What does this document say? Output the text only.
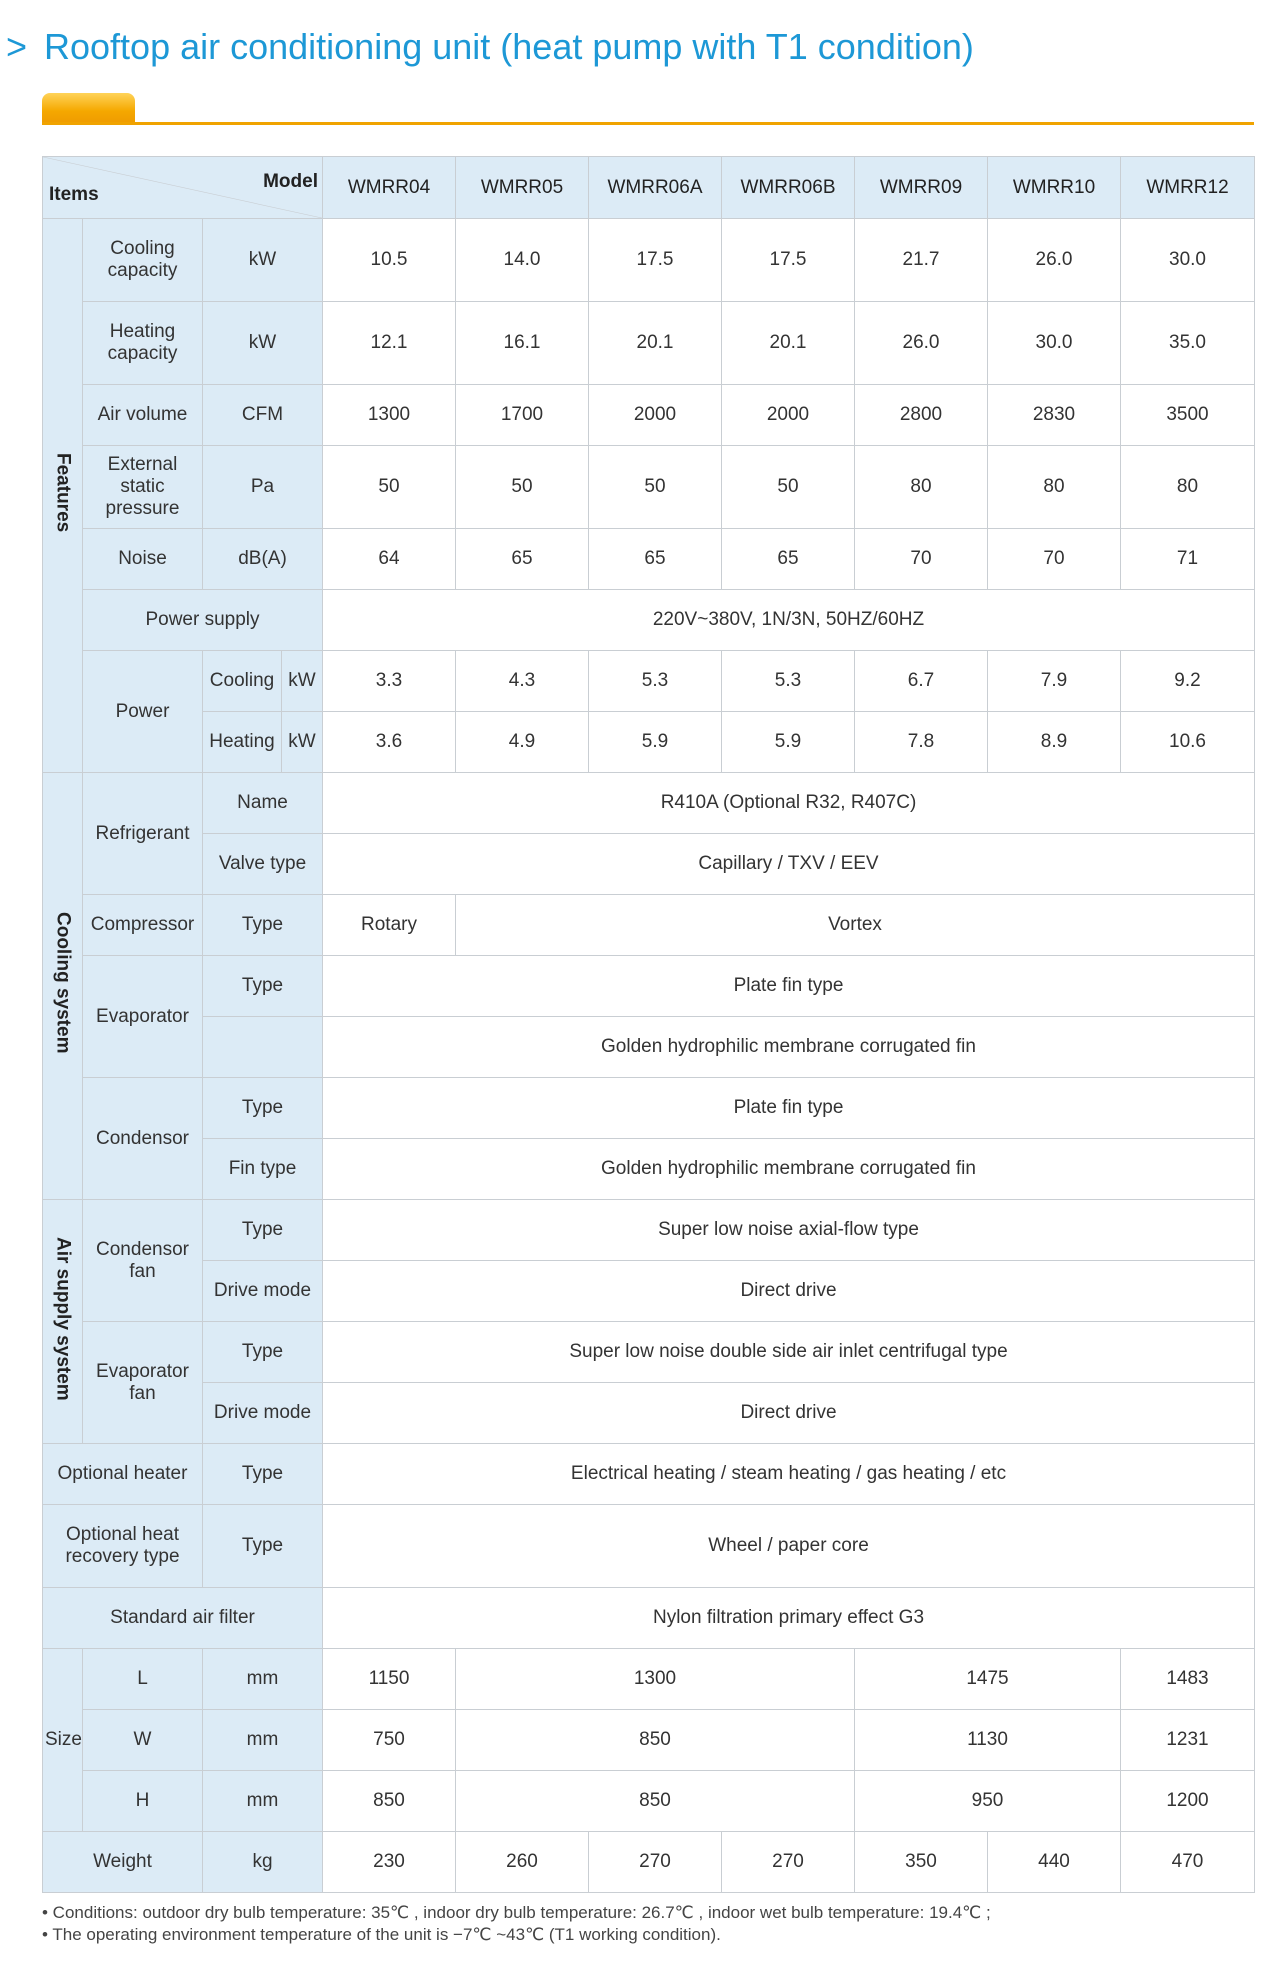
> Rooftop air conditioning unit (heat pump with T1 condition)
Items
Model				WMRR04	WMRR05	WMRR06A	WMRR06B	WMRR09	WMRR10	WMRR12
Features	Cooling capacity	kW		10.5	14.0	17.5	17.5	21.7	26.0	30.0
	Heating capacity	kW		12.1	16.1	20.1	20.1	26.0	30.0	35.0
	Air volume	CFM		1300	1700	2000	2000	2800	2830	3500
	External static pressure	Pa		50	50	50	50	80	80	80
	Noise	dB(A)		64	65	65	65	70	70	71
	Power supply			220V~380V, 1N/3N, 50HZ/60HZ						
	Power	Cooling	kW	3.3	4.3	5.3	5.3	6.7	7.9	9.2
		Heating	kW	3.6	4.9	5.9	5.9	7.8	8.9	10.6
Cooling system	Refrigerant	Name		R410A (Optional R32, R407C)						
		Valve type		Capillary / TXV / EEV						
	Compressor	Type		Rotary	Vortex					
	Evaporator	Type		Plate fin type						
				Golden hydrophilic membrane corrugated fin						
	Condensor	Type		Plate fin type						
		Fin type		Golden hydrophilic membrane corrugated fin						
Air supply system	Condensor fan	Type		Super low noise axial-flow type						
		Drive mode		Direct drive						
	Evaporator fan	Type		Super low noise double side air inlet centrifugal type						
		Drive mode		Direct drive						
Optional heater		Type		Electrical heating / steam heating / gas heating / etc						
Optional heat recovery type		Type		Wheel / paper core						
Standard air filter				Nylon filtration primary effect G3						
Size	L	mm		1150	1300			1475		1483
	W	mm		750	850			1130		1231
	H	mm		850	850			950		1200
Weight		kg		230	260	270	270	350	440	470
• Conditions: outdoor dry bulb temperature: 35℃ , indoor dry bulb temperature: 26.7℃ , indoor wet bulb temperature: 19.4℃ ;
• The operating environment temperature of the unit is −7℃ ~43℃ (T1 working condition).
